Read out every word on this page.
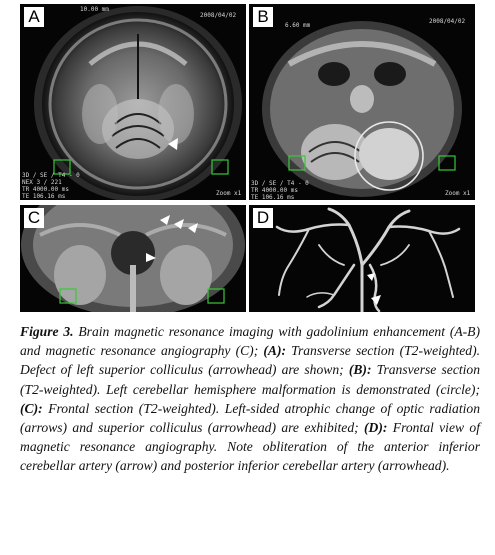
A	10.00 mm
2008/04/02
3D / SE / T4 - 0
NEX 3 / 221
TR 4000.00 ms
TE 106.16 ms	Zoom x1
B	6.60 mm
2008/04/02
3D / SE / T4 - 0
TR 4000.00 ms
TE 106.16 ms
Zoom x1
C	D
Figure 3. Brain magnetic resonance imaging with gadolinium enhancement (A-B) and magnetic resonance angiography (C); (A): Transverse section (T2-weighted). Defect of left superior colliculus (arrowhead) are shown; (B): Transverse section (T2-weighted). Left cerebellar hemisphere malformation is demonstrated (circle); (C): Frontal section (T2-weighted). Left-sided atrophic change of optic radiation (arrows) and superior colliculus (arrowhead) are exhibited; (D): Frontal view of magnetic resonance angiography. Note obliteration of the anterior inferior cerebellar artery (arrow) and posterior inferior cerebellar artery (arrowhead).
